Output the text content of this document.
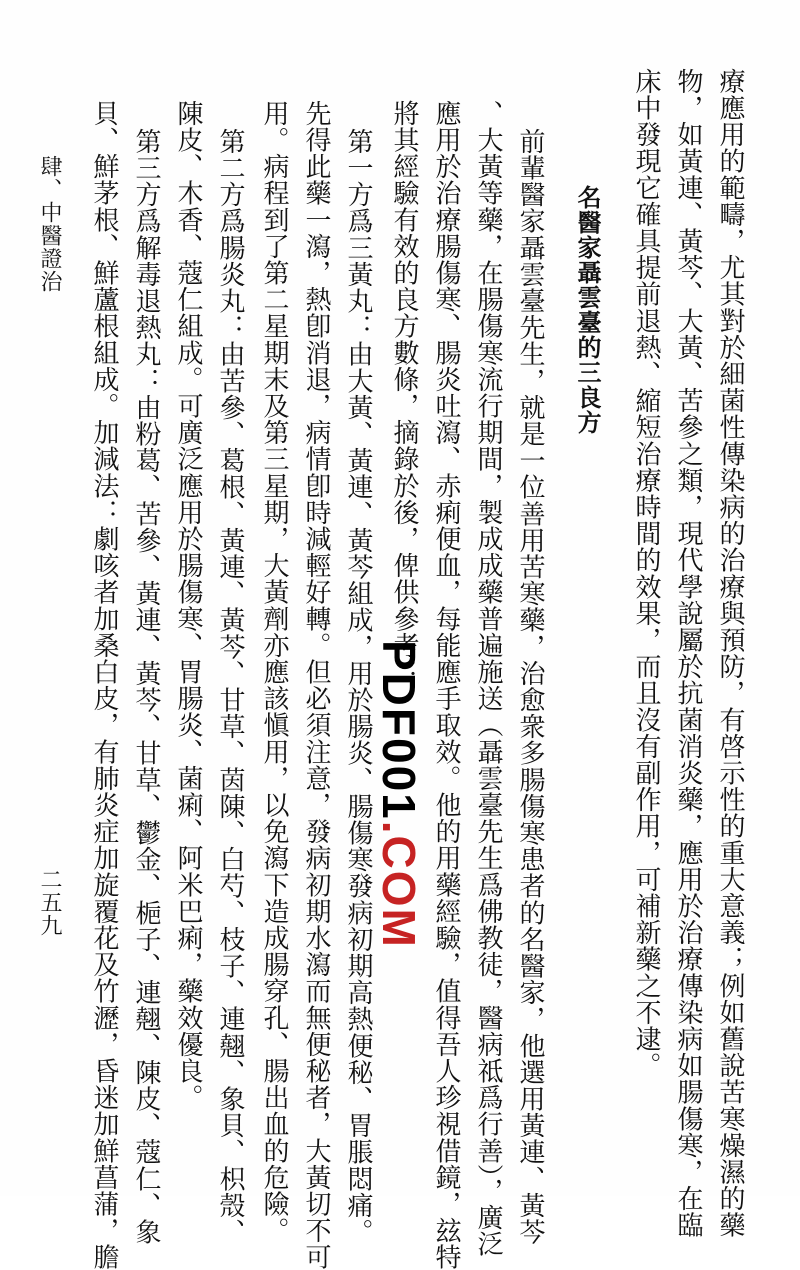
療應用的範疇，尤其對於細菌性傳染病的治療與預防，有啓示性的重大意義；例如舊說苦寒燥濕的藥
物，如黃連、黃芩、大黃、苦參之類，現代學說屬於抗菌消炎藥，應用於治療傳染病如腸傷寒，在臨
床中發現它確具提前退熱、縮短治療時間的效果，而且沒有副作用，可補新藥之不逮。
名醫家聶雲臺的三良方
前輩醫家聶雲臺先生，就是一位善用苦寒藥，治愈衆多腸傷寒患者的名醫家，他選用黃連、黃芩
、大黃等藥，在腸傷寒流行期間，製成成藥普遍施送（聶雲臺先生爲佛教徒，醫病祗爲行善），廣泛
應用於治療腸傷寒、腸炎吐瀉、赤痢便血，每能應手取效。他的用藥經驗，值得吾人珍視借鏡，玆特
將其經驗有效的良方數條，摘錄於後，俾供參考：
第一方爲三黃丸：由大黃、黃連、黃芩組成，用於腸炎、腸傷寒發病初期高熱便秘、胃脹悶痛。
先得此藥一瀉，熱卽消退，病情卽時減輕好轉。但必須注意，發病初期水瀉而無便秘者，大黃切不可
用。病程到了第二星期末及第三星期，大黃劑亦應該愼用，以免瀉下造成腸穿孔、腸出血的危險。
第二方爲腸炎丸：由苦參、葛根、黃連、黃芩、甘草、茵陳、白芍、枝子、連翹、象貝、枳殼、
陳皮、木香、蔻仁組成。可廣泛應用於腸傷寒、胃腸炎、菌痢、阿米巴痢，藥效優良。
第三方爲解毒退熱丸：由粉葛、苦參、黃連、黃芩、甘草、鬱金、梔子、連翹、陳皮、蔻仁、象
貝、鮮茅根、鮮蘆根組成。加減法：劇咳者加桑白皮，有肺炎症加旋覆花及竹瀝，昏迷加鮮菖蒲，膽
肆、中醫證治
二五九
PDF001.COM
